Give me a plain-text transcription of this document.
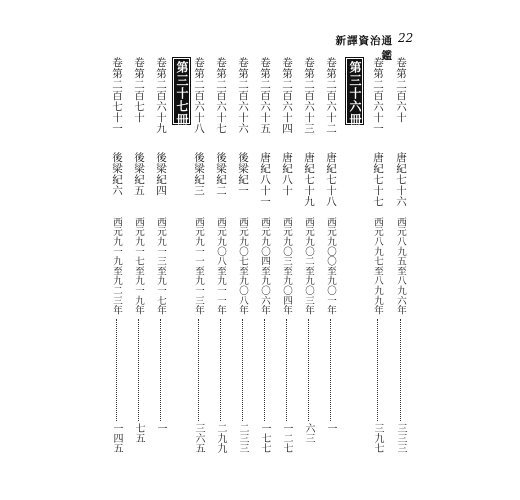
新譯資治通鑑
22
卷第二百六十
唐紀七十六
西元八九五至八九六年
三三三
卷第二百六十一
唐紀七十七
西元八九七至八九九年
三九七
第三十六冊
卷第二百六十二
唐紀七十八
西元九〇〇至九〇一年
一
卷第二百六十三
唐紀七十九
西元九〇二至九〇三年
六三
卷第二百六十四
唐紀八十
西元九〇三至九〇四年
一二七
卷第二百六十五
唐紀八十一
西元九〇四至九〇六年
一七七
卷第二百六十六
後梁紀一
西元九〇七至九〇八年
二三三
卷第二百六十七
後梁紀二
西元九〇八至九一一年
二九九
卷第二百六十八
後梁紀三
西元九一一至九一三年
三六五
第三十七冊
卷第二百六十九
後梁紀四
西元九一三至九一七年
一
卷第二百七十
後梁紀五
西元九一七至九一九年
七五
卷第二百七十一
後梁紀六
西元九一九至九二三年
一四五
